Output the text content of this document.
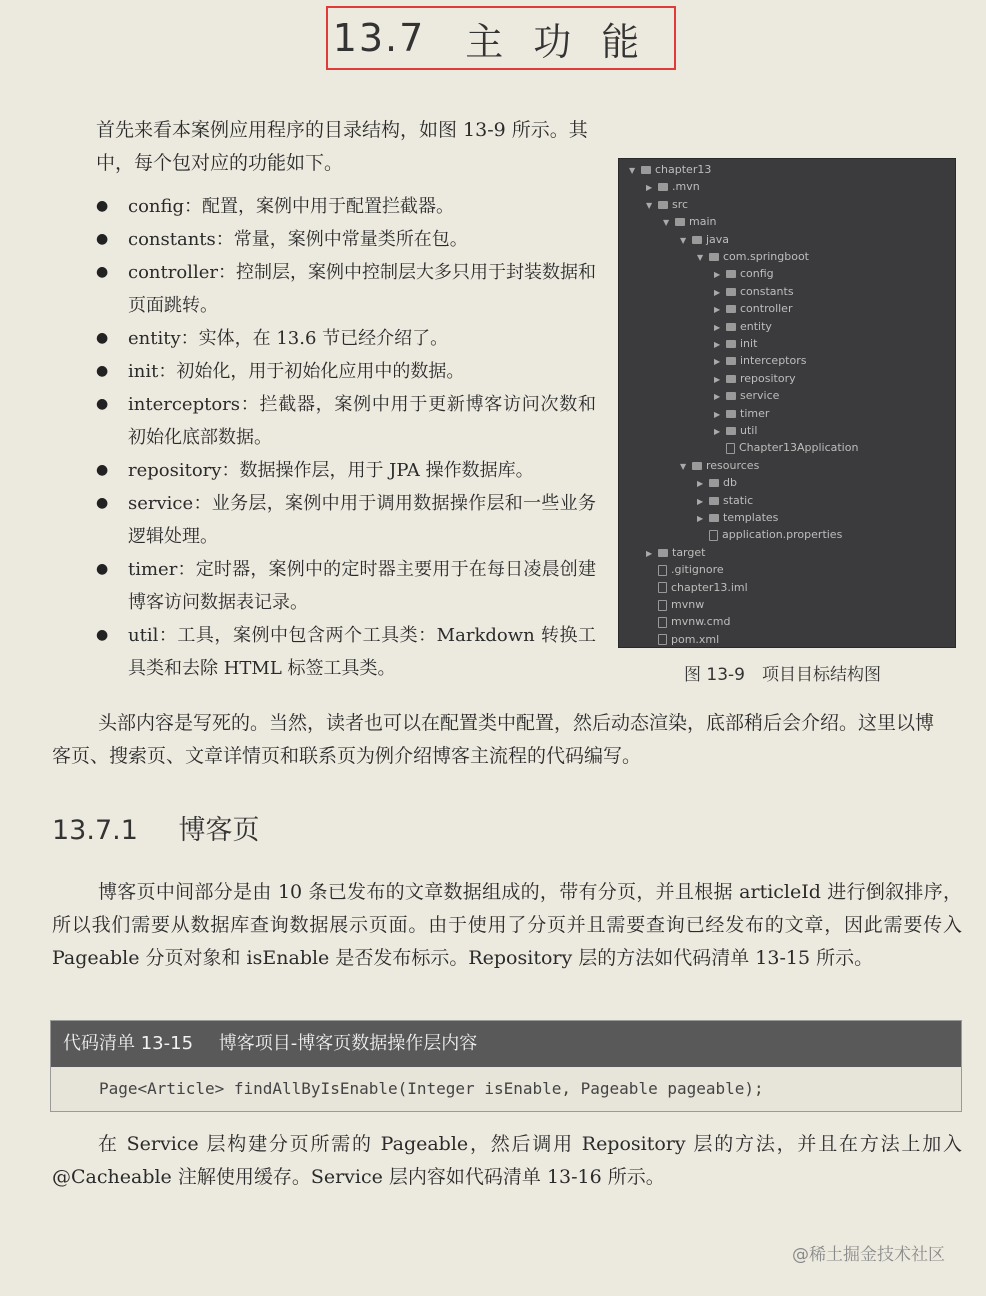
13.7 主功能
首先来看本案例应用程序的目录结构，如图 13-9 所示。其中，每个包对应的功能如下。
● config：配置，案例中用于配置拦截器。
● constants：常量，案例中常量类所在包。
● controller：控制层，案例中控制层大多只用于封装数据和页面跳转。
● entity：实体，在 13.6 节已经介绍了。
● init：初始化，用于初始化应用中的数据。
● interceptors：拦截器，案例中用于更新博客访问次数和初始化底部数据。
● repository：数据操作层，用于 JPA 操作数据库。
● service：业务层，案例中用于调用数据操作层和一些业务逻辑处理。
● timer：定时器，案例中的定时器主要用于在每日凌晨创建博客访问数据表记录。
● util：工具，案例中包含两个工具类：Markdown 转换工具类和去除 HTML 标签工具类。
▼ chapter13
▶ .mvn
▼ src
▼ main
▼ java
▼ com.springboot
▶ config
▶ constants
▶ controller
▶ entity
▶ init
▶ interceptors
▶ repository
▶ service
▶ timer
▶ util
Chapter13Application
▼ resources
▶ db
▶ static
▶ templates
application.properties
▶ target
.gitignore
chapter13.iml
mvnw
mvnw.cmd
pom.xml
图 13-9　项目目标结构图
头部内容是写死的。当然，读者也可以在配置类中配置，然后动态渲染，底部稍后会介绍。这里以博客页、搜索页、文章详情页和联系页为例介绍博客主流程的代码编写。
13.7.1 博客页
博客页中间部分是由 10 条已发布的文章数据组成的，带有分页，并且根据 articleId 进行倒叙排序，所以我们需要从数据库查询数据展示页面。由于使用了分页并且需要查询已经发布的文章，因此需要传入 Pageable 分页对象和 isEnable 是否发布标示。Repository 层的方法如代码清单 13-15 所示。
代码清单 13-15 博客项目-博客页数据操作层内容
Page<Article> findAllByIsEnable(Integer isEnable, Pageable pageable);
在 Service 层构建分页所需的 Pageable，然后调用 Repository 层的方法，并且在方法上加入 @Cacheable 注解使用缓存。Service 层内容如代码清单 13-16 所示。
@稀土掘金技术社区
